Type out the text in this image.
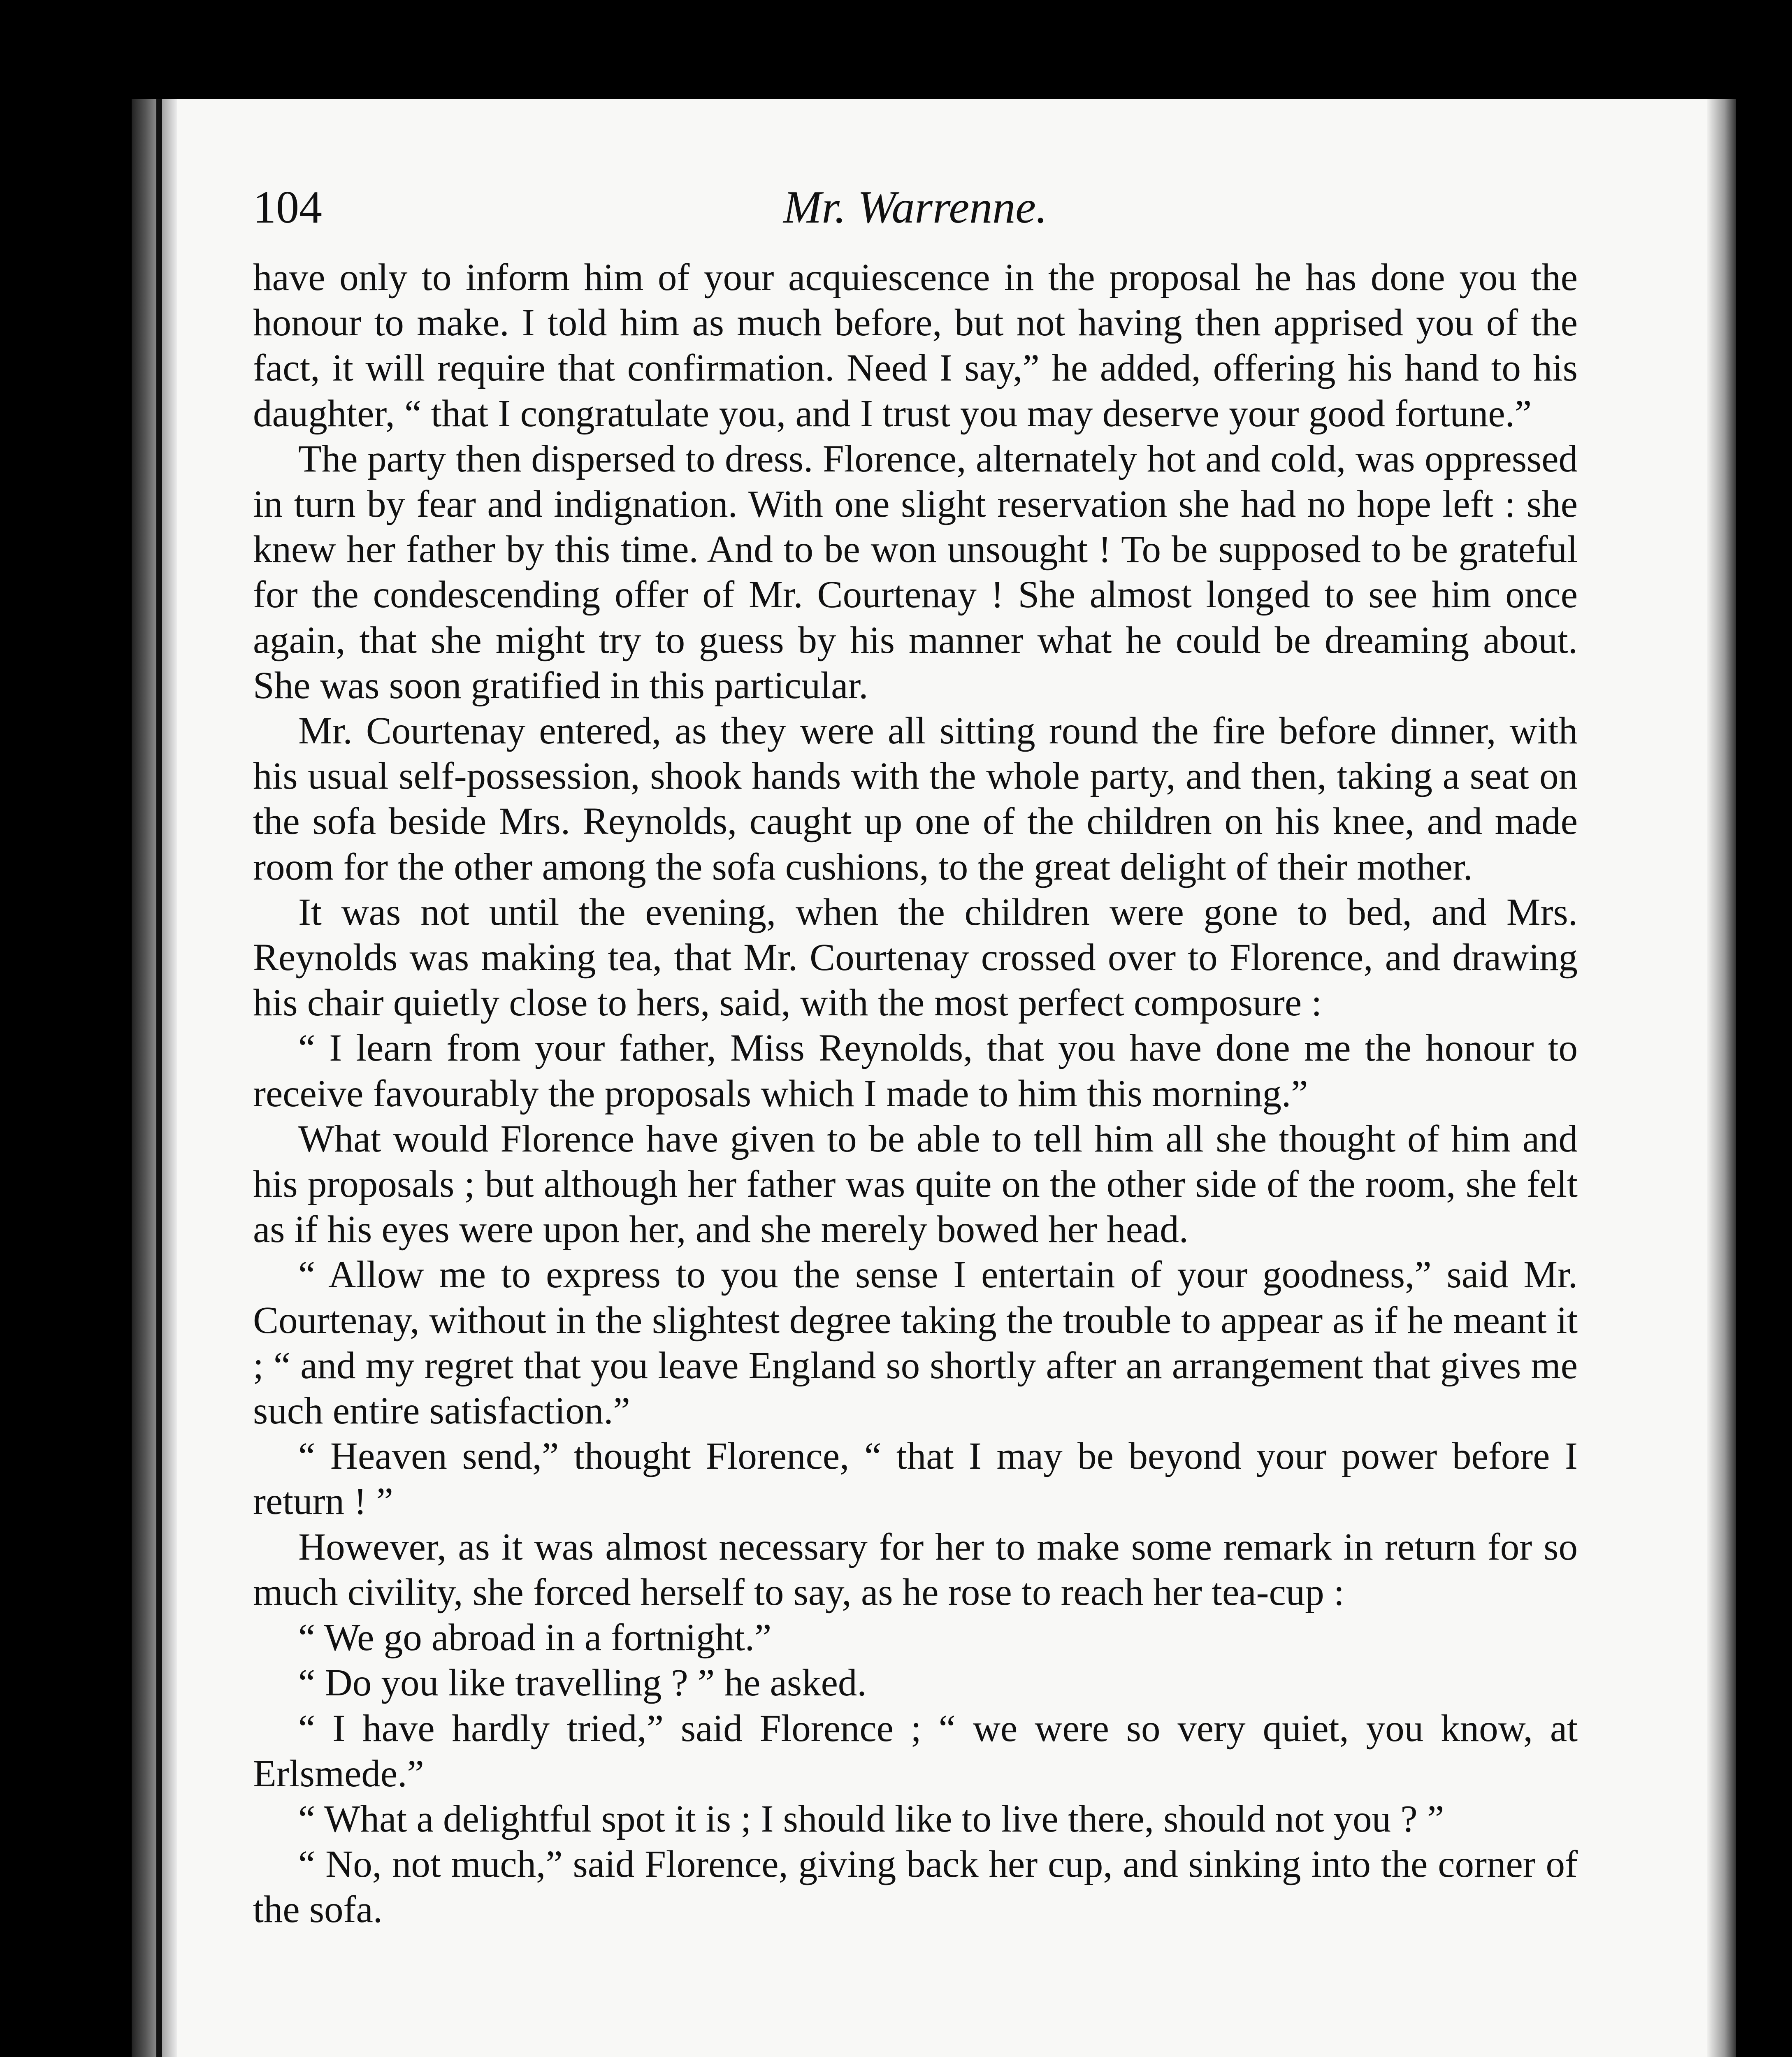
104	Mr. Warrenne.

have only to inform him of your acquiescence in the proposal he has done you the honour to make. I told him as much before, but not having then apprised you of the fact, it will require that confirmation. Need I say,” he added, offering his hand to his daughter, “ that I congratulate you, and I trust you may deserve your good fortune.”

The party then dispersed to dress. Florence, alternately hot and cold, was oppressed in turn by fear and indignation. With one slight reservation she had no hope left : she knew her father by this time. And to be won unsought ! To be supposed to be grateful for the condescending offer of Mr. Courtenay ! She almost longed to see him once again, that she might try to guess by his manner what he could be dreaming about. She was soon gratified in this particular.

Mr. Courtenay entered, as they were all sitting round the fire before dinner, with his usual self-possession, shook hands with the whole party, and then, taking a seat on the sofa beside Mrs. Reynolds, caught up one of the children on his knee, and made room for the other among the sofa cushions, to the great delight of their mother.

It was not until the evening, when the children were gone to bed, and Mrs. Reynolds was making tea, that Mr. Courtenay crossed over to Florence, and drawing his chair quietly close to hers, said, with the most perfect composure :

“ I learn from your father, Miss Reynolds, that you have done me the honour to receive favourably the proposals which I made to him this morning.”

What would Florence have given to be able to tell him all she thought of him and his proposals ; but although her father was quite on the other side of the room, she felt as if his eyes were upon her, and she merely bowed her head.

“ Allow me to express to you the sense I entertain of your goodness,” said Mr. Courtenay, without in the slightest degree taking the trouble to appear as if he meant it ; “ and my regret that you leave England so shortly after an arrangement that gives me such entire satisfaction.”

“ Heaven send,” thought Florence, “ that I may be beyond your power before I return ! ”

However, as it was almost necessary for her to make some remark in return for so much civility, she forced herself to say, as he rose to reach her tea-cup :

“ We go abroad in a fortnight.”

“ Do you like travelling ? ” he asked.

“ I have hardly tried,” said Florence ; “ we were so very quiet, you know, at Erlsmede.”

“ What a delightful spot it is ; I should like to live there, should not you ? ”

“ No, not much,” said Florence, giving back her cup, and sinking into the corner of the sofa.
